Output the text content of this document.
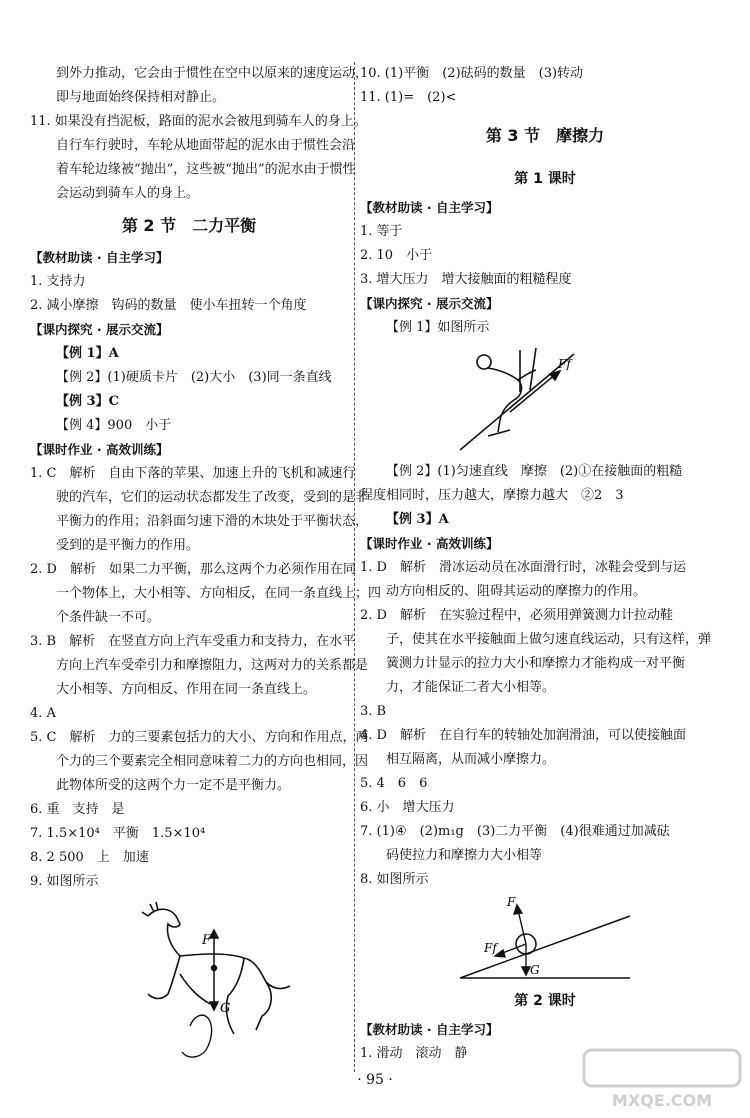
到外力推动，它会由于惯性在空中以原来的速度运动，
即与地面始终保持相对静止。
11. 如果没有挡泥板，路面的泥水会被甩到骑车人的身上。
自行车行驶时，车轮从地面带起的泥水由于惯性会沿
着车轮边缘被“抛出”，这些被“抛出”的泥水由于惯性
会运动到骑车人的身上。
第 2 节　二力平衡
【教材助读 · 自主学习】
1. 支持力
2. 减小摩擦　钩码的数量　使小车扭转一个角度
【课内探究 · 展示交流】
【例 1】A
【例 2】(1)硬质卡片　(2)大小　(3)同一条直线
【例 3】C
【例 4】900　小于
【课时作业 · 高效训练】
1. C　解析　自由下落的苹果、加速上升的飞机和减速行
驶的汽车，它们的运动状态都发生了改变，受到的是非
平衡力的作用；沿斜面匀速下滑的木块处于平衡状态，
受到的是平衡力的作用。
2. D　解析　如果二力平衡，那么这两个力必须作用在同
一个物体上，大小相等、方向相反，在同一条直线上；四
个条件缺一不可。
3. B　解析　在竖直方向上汽车受重力和支持力，在水平
方向上汽车受牵引力和摩擦阻力，这两对力的关系都是
大小相等、方向相反、作用在同一条直线上。
4. A
5. C　解析　力的三要素包括力的大小、方向和作用点，两
个力的三个要素完全相同意味着二力的方向也相同，因
此物体所受的这两个力一定不是平衡力。
6. 重　支持　是
7. 1.5×10⁴　平衡　1.5×10⁴
8. 2 500　上　加速
9. 如图所示
F
G
10. (1)平衡　(2)砝码的数量　(3)转动
11. (1)=　(2)<
第 3 节　摩擦力
第 1 课时
【教材助读 · 自主学习】
1. 等于
2. 10　小于
3. 增大压力　增大接触面的粗糙程度
【课内探究 · 展示交流】
【例 1】如图所示
Ff
【例 2】(1)匀速直线　摩擦　(2)①在接触面的粗糙
程度相同时，压力越大，摩擦力越大　②2　3
【例 3】A
【课时作业 · 高效训练】
1. D　解析　滑冰运动员在冰面滑行时，冰鞋会受到与运
动方向相反的、阻碍其运动的摩擦力的作用。
2. D　解析　在实验过程中，必须用弹簧测力计拉动鞋
子，使其在水平接触面上做匀速直线运动，只有这样，弹
簧测力计显示的拉力大小和摩擦力才能构成一对平衡
力，才能保证二者大小相等。
3. B
4. D　解析　在自行车的转轴处加润滑油，可以使接触面
相互隔离，从而减小摩擦力。
5. 4　6　6
6. 小　增大压力
7. (1)④　(2)m₁g　(3)二力平衡　(4)很难通过加减砝
码使拉力和摩擦力大小相等
8. 如图所示
F
Ff
G
第 2 课时
【教材助读 · 自主学习】
1. 滑动　滚动　静
· 95 ·
MXQE.COM
